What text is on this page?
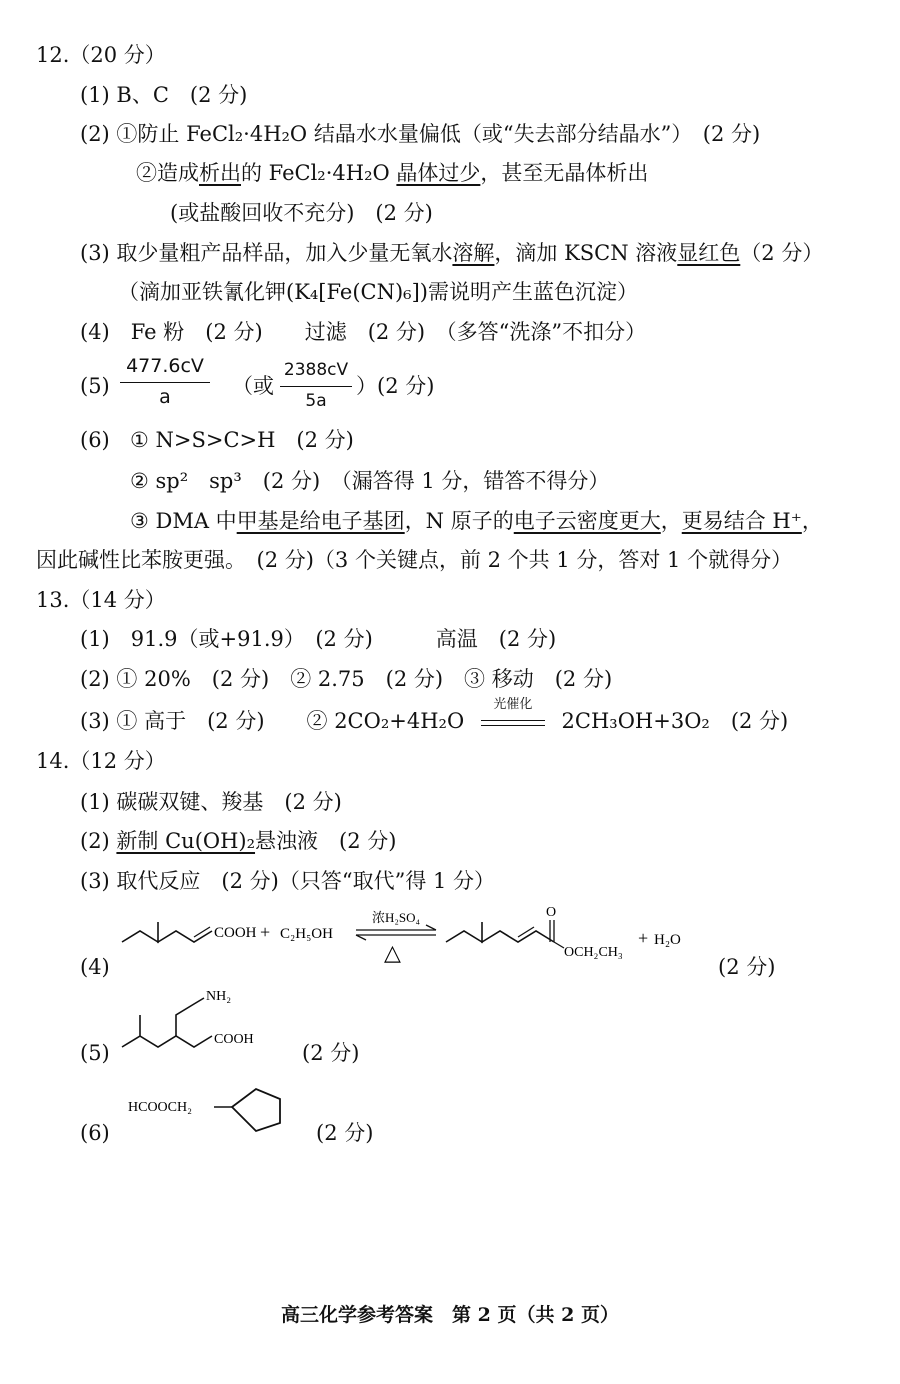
12.（20 分）
(1) B、C　(2 分)
(2) ①防止 FeCl₂·4H₂O 结晶水水量偏低（或“失去部分结晶水”）　(2 分)
②造成析出的 FeCl₂·4H₂O 晶体过少，甚至无晶体析出
(或盐酸回收不充分)　(2 分)
(3) 取少量粗产品样品，加入少量无氧水溶解，滴加 KSCN 溶液显红色（2 分）
（滴加亚铁氰化钾(K₄[Fe(CN)₆])需说明产生蓝色沉淀）
(4)　Fe 粉　(2 分)　　过滤　(2 分)　（多答“洗涤”不扣分）
(5)
477.6cV
a	（或
2388cV
5a
）(2 分)
(6) ① N>S>C>H　(2 分)
② sp²　sp³　(2 分)　（漏答得 1 分，错答不得分）
③ DMA 中甲基是给电子基团，N 原子的电子云密度更大，更易结合 H⁺，
因此碱性比苯胺更强。　(2 分)（3 个关键点，前 2 个共 1 分，答对 1 个就得分）
13.（14 分）
(1)　91.9（或+91.9）　(2 分)　　　高温　(2 分)
(2) ① 20%　(2 分)　② 2.75　(2 分)　③ 移动　(2 分)
(3) ① 高于　(2 分)　　② 2CO₂+4H₂O
光催化
2CH₃OH+3O₂　(2 分)
14.（12 分）
(1) 碳碳双键、羧基　(2 分)
(2) 新制 Cu(OH)₂悬浊液　(2 分)
(3) 取代反应　(2 分)（只答“取代”得 1 分）
(4)
COOH + C₂H₅OH
浓H₂SO₄
△
O
OCH₂CH₃
+ H₂O
(2 分)
(5)
NH₂
COOH
(2 分)
(6)
HCOOCH₂
(2 分)
高三化学参考答案　第 2 页（共 2 页）
